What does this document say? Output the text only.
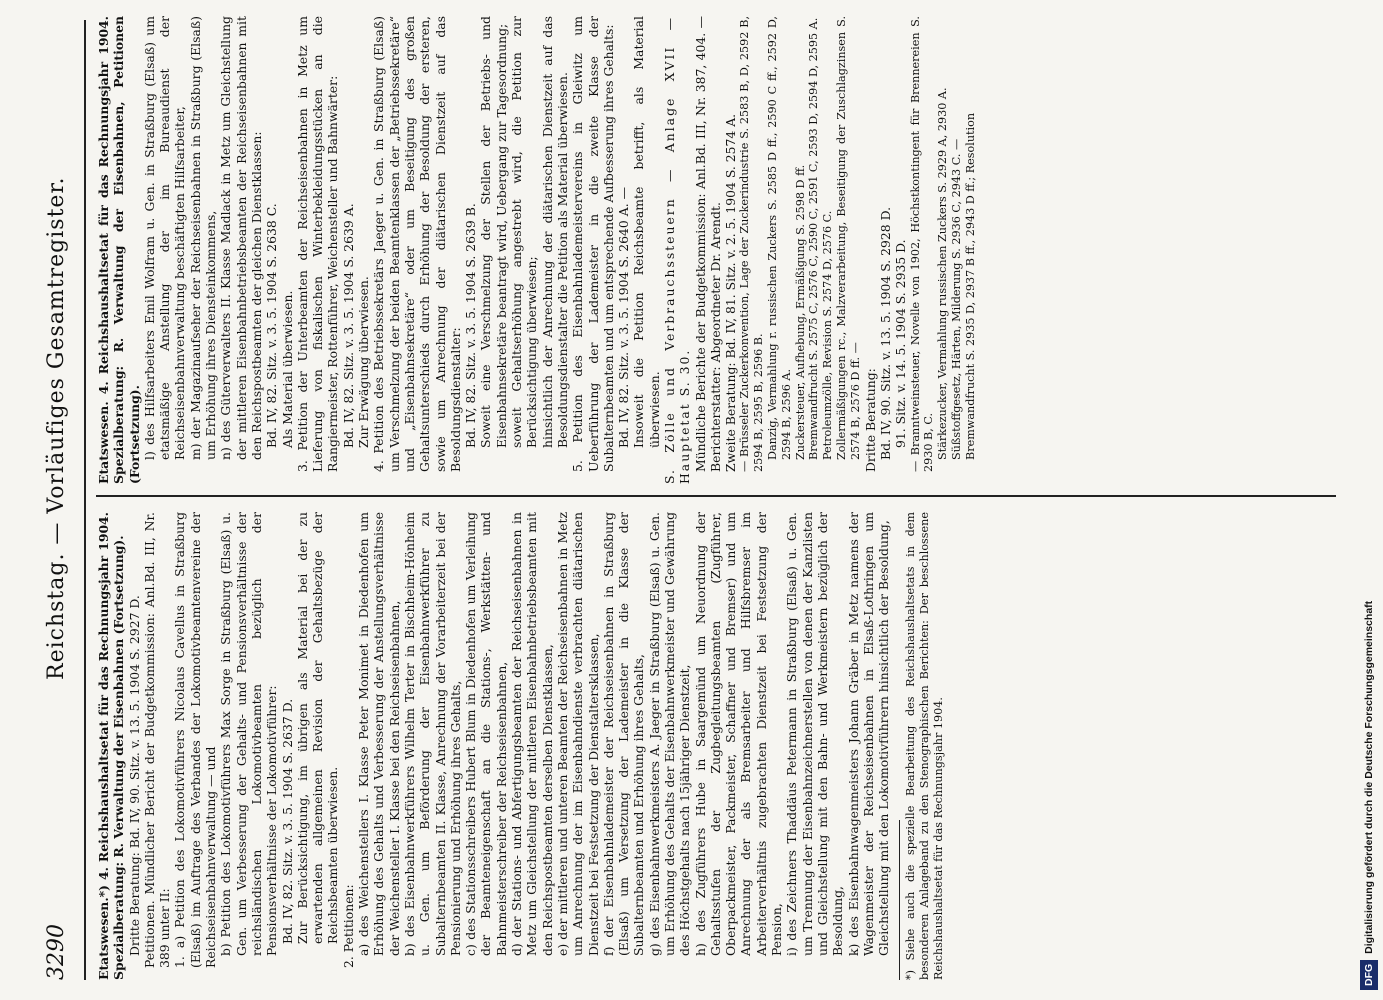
3290
Reichstag. — Vorläufiges Gesamtregister.

Etatswesen.*) 4. Reichshaushaltsetat für das Rechnungsjahr 1904. Spezialberatung: R. Verwaltung der Eisenbahnen (Fortsetzung). Dritte Beratung: Bd. IV, 90. Sitz. v. 13. 5. 1904 S. 2927 D. Petitionen. Mündlicher Bericht der Budgetkommission: Anl.Bd. III, Nr. 389 unter II: 1. a) Petition des Lokomotivführers Nicolaus Cavellus in Straßburg (Elsaß) im Auftrage des Verbandes der Lokomotivbeamtenvereine der Reichseisenbahnverwaltung — und b) Petition des Lokomotivführers Max Sorge in Straßburg (Elsaß) u. Gen. um Verbesserung der Gehalts- und Pensionsverhältnisse der reichsländischen Lokomotivbeamten bezüglich der Pensionsverhältnisse der Lokomotivführer: Bd. IV, 82. Sitz. v. 3. 5. 1904 S. 2637 D. Zur Berücksichtigung, im übrigen als Material bei der zu erwartenden allgemeinen Revision der Gehaltsbezüge der Reichsbeamten überwiesen. 2. Petitionen: a) des Weichenstellers I. Klasse Peter Monimet in Diedenhofen um Erhöhung des Gehalts und Verbesserung der Anstellungsverhältnisse der Weichensteller I. Klasse bei den Reichseisenbahnen, b) des Eisenbahnwerkführers Wilhelm Terter in Bischheim-Hönheim u. Gen. um Beförderung der Eisenbahnwerkführer zu Subalternbeamten II. Klasse, Anrechnung der Vorarbeiterzeit bei der Pensionierung und Erhöhung ihres Gehalts, c) des Stationsschreibers Hubert Blum in Diedenhofen um Verleihung der Beamteneigenschaft an die Stations-, Werkstätten- und Bahnmeisterschreiber der Reichseisenbahnen, d) der Stations- und Abfertigungsbeamten der Reichseisenbahnen in Metz um Gleichstellung der mittleren Eisenbahnbetriebsbeamten mit den Reichspostbeamten derselben Dienstklassen, e) der mittleren und unteren Beamten der Reichseisenbahnen in Metz um Anrechnung der im Eisenbahndienste verbrachten diätarischen Dienstzeit bei Festsetzung der Dienstaltersklassen, f) der Eisenbahnlademeister der Reichseisenbahnen in Straßburg (Elsaß) um Versetzung der Lademeister in die Klasse der Subalternbeamten und Erhöhung ihres Gehalts, g) des Eisenbahnwerkmeisters A. Jaeger in Straßburg (Elsaß) u. Gen. um Erhöhung des Gehalts der Eisenbahnwerkmeister und Gewährung des Höchstgehalts nach 15jähriger Dienstzeit, h) des Zugführers Hube in Saargemünd um Neuordnung der Gehaltsstufen der Zugbegleitungsbeamten (Zugführer, Oberpackmeister, Packmeister, Schaffner und Bremser) und um Anrechnung der als Bremsarbeiter und Hilfsbremser im Arbeiterverhältnis zugebrachten Dienstzeit bei Festsetzung der Pension, i) des Zeichners Thaddäus Petermann in Straßburg (Elsaß) u. Gen. um Trennung der Eisenbahnzeichnerstellen von denen der Kanzlisten und Gleichstellung mit den Bahn- und Werkmeistern bezüglich der Besoldung, k) des Eisenbahnwagenmeisters Johann Gräber in Metz namens der Wagenmeister der Reichseisenbahnen in Elsaß-Lothringen um Gleichstellung mit den Lokomotivführern hinsichtlich der Besoldung, *) Siehe auch die spezielle Bearbeitung des Reichshaushaltsetats in dem besonderen Anlageband zu den Stenographischen Berichten: Der beschlossene Reichshaushaltsetat für das Rechnungsjahr 1904.

Etatswesen. 4. Reichshaushaltsetat für das Rechnungsjahr 1904. Spezialberatung: R. Verwaltung der Eisenbahnen, Petitionen (Fortsetzung). l) des Hilfsarbeiters Emil Wolfram u. Gen. in Straßburg (Elsaß) um etatsmäßige Anstellung der im Bureaudienst der Reichseisenbahnverwaltung beschäftigten Hilfsarbeiter, m) der Magazinaufseher der Reichseisenbahnen in Straßburg (Elsaß) um Erhöhung ihres Diensteinkommens, n) des Güterverwalters II. Klasse Madlack in Metz um Gleichstellung der mittleren Eisenbahnbetriebsbeamten der Reichseisenbahnen mit den Reichspostbeamten der gleichen Dienstklassen: Bd. IV, 82. Sitz. v. 3. 5. 1904 S. 2638 C. Als Material überwiesen. 3. Petition der Unterbeamten der Reichseisenbahnen in Metz um Lieferung von fiskalischen Winterbekleidungsstücken an die Rangiermeister, Rottenführer, Weichensteller und Bahnwärter: Bd. IV, 82. Sitz. v. 3. 5. 1904 S. 2639 A. Zur Erwägung überwiesen. 4. Petition des Betriebssekretärs Jaeger u. Gen. in Straßburg (Elsaß) um Verschmelzung der beiden Beamtenklassen der „Betriebssekretäre“ und „Eisenbahnsekretäre“ oder um Beseitigung des großen Gehaltsunterschieds durch Erhöhung der Besoldung der ersteren, sowie um Anrechnung der diätarischen Dienstzeit auf das Besoldungsdienstalter: Bd. IV, 82. Sitz. v. 3. 5. 1904 S. 2639 B. Soweit eine Verschmelzung der Stellen der Betriebs- und Eisenbahnsekretäre beantragt wird, Uebergang zur Tagesordnung; soweit Gehaltserhöhung angestrebt wird, die Petition zur Berücksichtigung überwiesen; hinsichtlich der Anrechnung der diätarischen Dienstzeit auf das Besoldungsdienstalter die Petition als Material überwiesen. 5. Petition des Eisenbahnlademeistervereins in Gleiwitz um Ueberführung der Lademeister in die zweite Klasse der Subalternbeamten und um entsprechende Aufbesserung ihres Gehalts: Bd. IV, 82. Sitz. v. 3. 5. 1904 S. 2640 A. — Insoweit die Petition Reichsbeamte betrifft, als Material überwiesen. S. Zölle und Verbrauchssteuern — Anlage XVII — Hauptetat S. 30. Mündliche Berichte der Budgetkommission: Anl.Bd. III, Nr. 387, 404. — Berichterstatter: Abgeordneter Dr. Arendt. Zweite Beratung: Bd. IV, 81. Sitz. v. 2. 5. 1904 S. 2574 A. — Brüsseler Zuckerkonvention, Lage der Zuckerindustrie S. 2583 B, D, 2592 B, 2594 B, 2595 B, 2596 B. Danzig, Vermahlung r. russischen Zuckers S. 2585 D ff., 2590 C ff., 2592 D, 2594 B, 2596 A. Zuckersteuer, Aufhebung, Ermäßigung S. 2598 D ff. Bremwandfrucht S. 2575 C, 2576 C, 2590 C, 2591 C, 2593 D, 2594 D, 2595 A. Petroleumzölle, Revision S. 2574 D, 2576 C. Zollermäßigungen rc., Malzverarbeitung, Beseitigung der Zuschlagzinsen S. 2574 B, 2576 D ff. — Dritte Beratung: Bd. IV, 90. Sitz. v. 13. 5. 1904 S. 2928 D. 91. Sitz. v. 14. 5. 1904 S. 2935 D. — Branntweinsteuer, Novelle von 1902, Höchstkontingent für Brennereien S. 2930 B, C. Stärkezucker, Vermahlung russischen Zuckers S. 2929 A, 2930 A. Süßstoffgesetz, Härten, Milderung S. 2936 C, 2943 C. — Bremwandfrucht S. 2935 D, 2937 B ff., 2943 D ff.; Resolution

DFGDigitalisierung gefördert durch die Deutsche Forschungsgemeinschaft
